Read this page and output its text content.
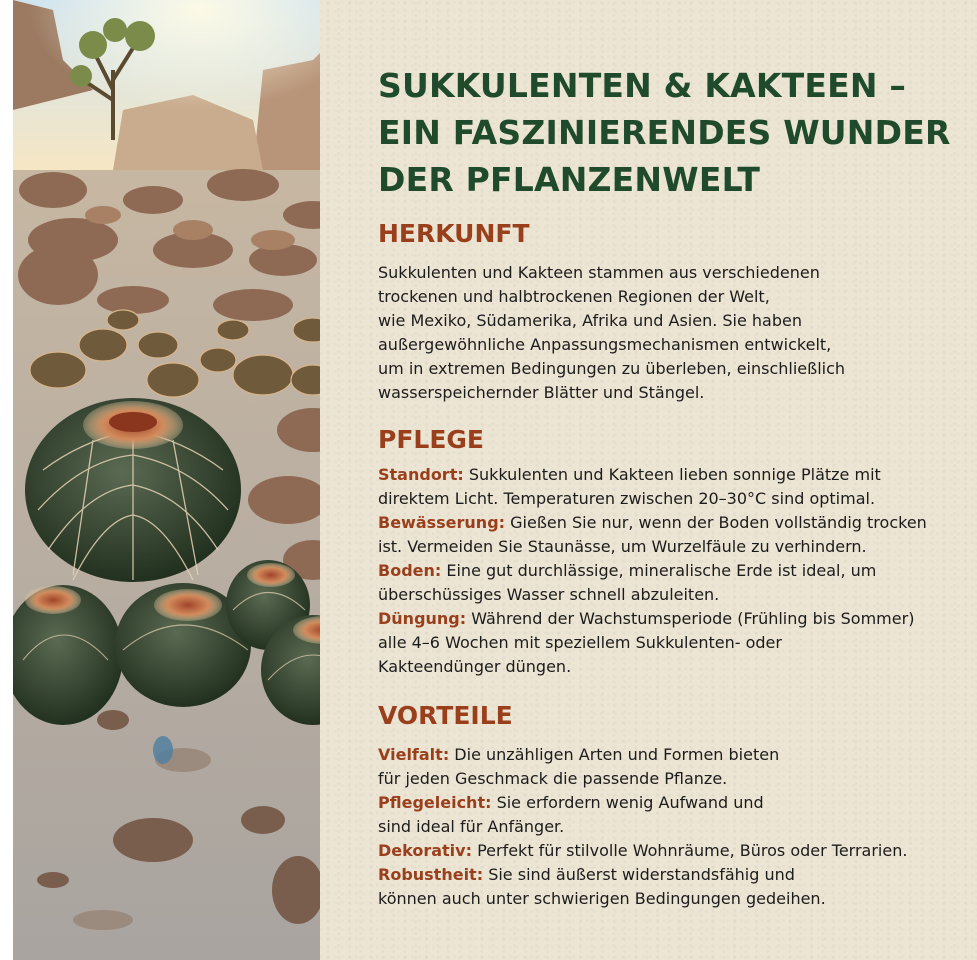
SUKKULENTEN & KAKTEEN –
EIN FASZINIERENDES WUNDER
DER PFLANZENWELT
HERKUNFT

Sukkulenten und Kakteen stammen aus verschiedenen
trockenen und halbtrockenen Regionen der Welt,
wie Mexiko, Südamerika, Afrika und Asien. Sie haben
außergewöhnliche Anpassungsmechanismen entwickelt,
um in extremen Bedingungen zu überleben, einschließlich
wasserspeichernder Blätter und Stängel.

PFLEGE

Standort: Sukkulenten und Kakteen lieben sonnige Plätze mit
direktem Licht. Temperaturen zwischen 20–30°C sind optimal.
Bewässerung: Gießen Sie nur, wenn der Boden vollständig trocken
ist. Vermeiden Sie Staunässe, um Wurzelfäule zu verhindern.
Boden: Eine gut durchlässige, mineralische Erde ist ideal, um
überschüssiges Wasser schnell abzuleiten.
Düngung: Während der Wachstumsperiode (Frühling bis Sommer)
alle 4–6 Wochen mit speziellem Sukkulenten- oder
Kakteendünger düngen.

VORTEILE

Vielfalt: Die unzähligen Arten und Formen bieten
für jeden Geschmack die passende Pflanze.
Pflegeleicht: Sie erfordern wenig Aufwand und
sind ideal für Anfänger.
Dekorativ: Perfekt für stilvolle Wohnräume, Büros oder Terrarien.
Robustheit: Sie sind äußerst widerstandsfähig und
können auch unter schwierigen Bedingungen gedeihen.
